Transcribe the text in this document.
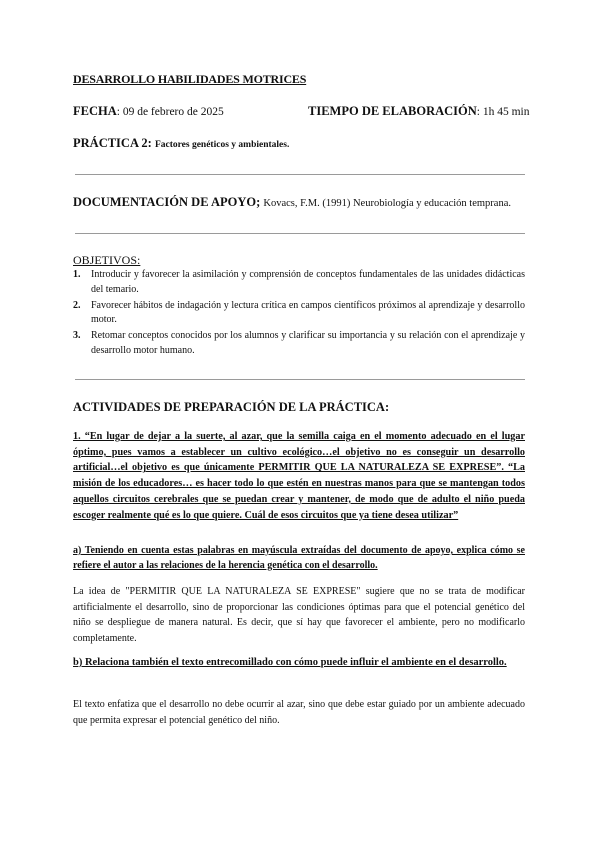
DESARROLLO HABILIDADES MOTRICES
FECHA: 09 de febrero de 2025	TIEMPO DE ELABORACIÓN: 1h 45 min
PRÁCTICA 2: Factores genéticos y ambientales.
DOCUMENTACIÓN DE APOYO; Kovacs, F.M. (1991) Neurobiología y educación temprana.
OBJETIVOS:
1. Introducir y favorecer la asimilación y comprensión de conceptos fundamentales de las unidades didácticas del temario.
2. Favorecer hábitos de indagación y lectura crítica en campos científicos próximos al aprendizaje y desarrollo motor.
3. Retomar conceptos conocidos por los alumnos y clarificar su importancia y su relación con el aprendizaje y desarrollo motor humano.
ACTIVIDADES DE PREPARACIÓN DE LA PRÁCTICA:
1. “En lugar de dejar a la suerte, al azar, que la semilla caiga en el momento adecuado en el lugar óptimo, pues vamos a establecer un cultivo ecológico…el objetivo no es conseguir un desarrollo artificial…el objetivo es que únicamente PERMITIR QUE LA NATURALEZA SE EXPRESE”. “La misión de los educadores… es hacer todo lo que estén en nuestras manos para que se mantengan todos aquellos circuitos cerebrales que se puedan crear y mantener, de modo que de adulto el niño pueda escoger realmente qué es lo que quiere. Cuál de esos circuitos que ya tiene desea utilizar”
a) Teniendo en cuenta estas palabras en mayúscula extraídas del documento de apoyo, explica cómo se refiere el autor a las relaciones de la herencia genética con el desarrollo.
La idea de "PERMITIR QUE LA NATURALEZA SE EXPRESE" sugiere que no se trata de modificar artificialmente el desarrollo, sino de proporcionar las condiciones óptimas para que el potencial genético del niño se despliegue de manera natural. Es decir, que sí hay que favorecer el ambiente, pero no modificarlo completamente.
b) Relaciona también el texto entrecomillado con cómo puede influir el ambiente en el desarrollo.
El texto enfatiza que el desarrollo no debe ocurrir al azar, sino que debe estar guiado por un ambiente adecuado que permita expresar el potencial genético del niño.
